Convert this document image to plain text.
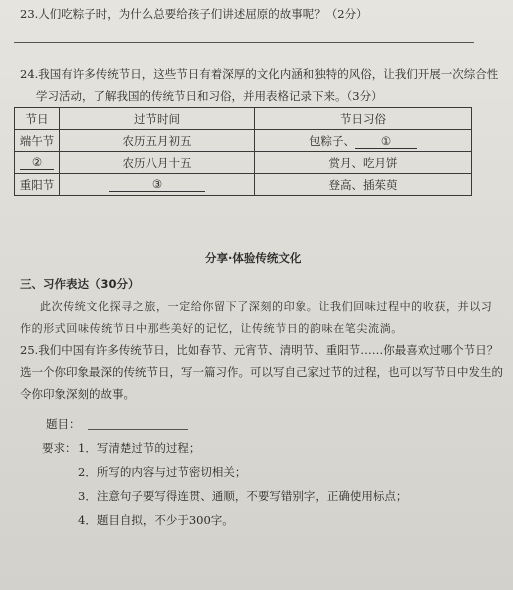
23.人们吃粽子时，为什么总要给孩子们讲述屈原的故事呢？（2分）
24.我国有许多传统节日，这些节日有着深厚的文化内涵和独特的风俗，让我们开展一次综合性
学习活动，了解我国的传统节日和习俗，并用表格记录下来。（3分）
节日	过节时间	节日习俗
端午节	农历五月初五	包粽子、 ①
②	农历八月十五	赏月、吃月饼
重阳节	③	登高、插茱萸
分享·体验传统文化
三、习作表达（30分）
此次传统文化探寻之旅，一定给你留下了深刻的印象。让我们回味过程中的收获，并以习
作的形式回味传统节日中那些美好的记忆，让传统节日的韵味在笔尖流淌。
25.我们中国有许多传统节日，比如春节、元宵节、清明节、重阳节……你最喜欢过哪个节日？
选一个你印象最深的传统节日，写一篇习作。可以写自己家过节的过程，也可以写节日中发生的
令你印象深刻的故事。
题目：
要求： 1．写清楚过节的过程；
2．所写的内容与过节密切相关；
3．注意句子要写得连贯、通顺，不要写错别字，正确使用标点；
4．题目自拟，不少于300字。
